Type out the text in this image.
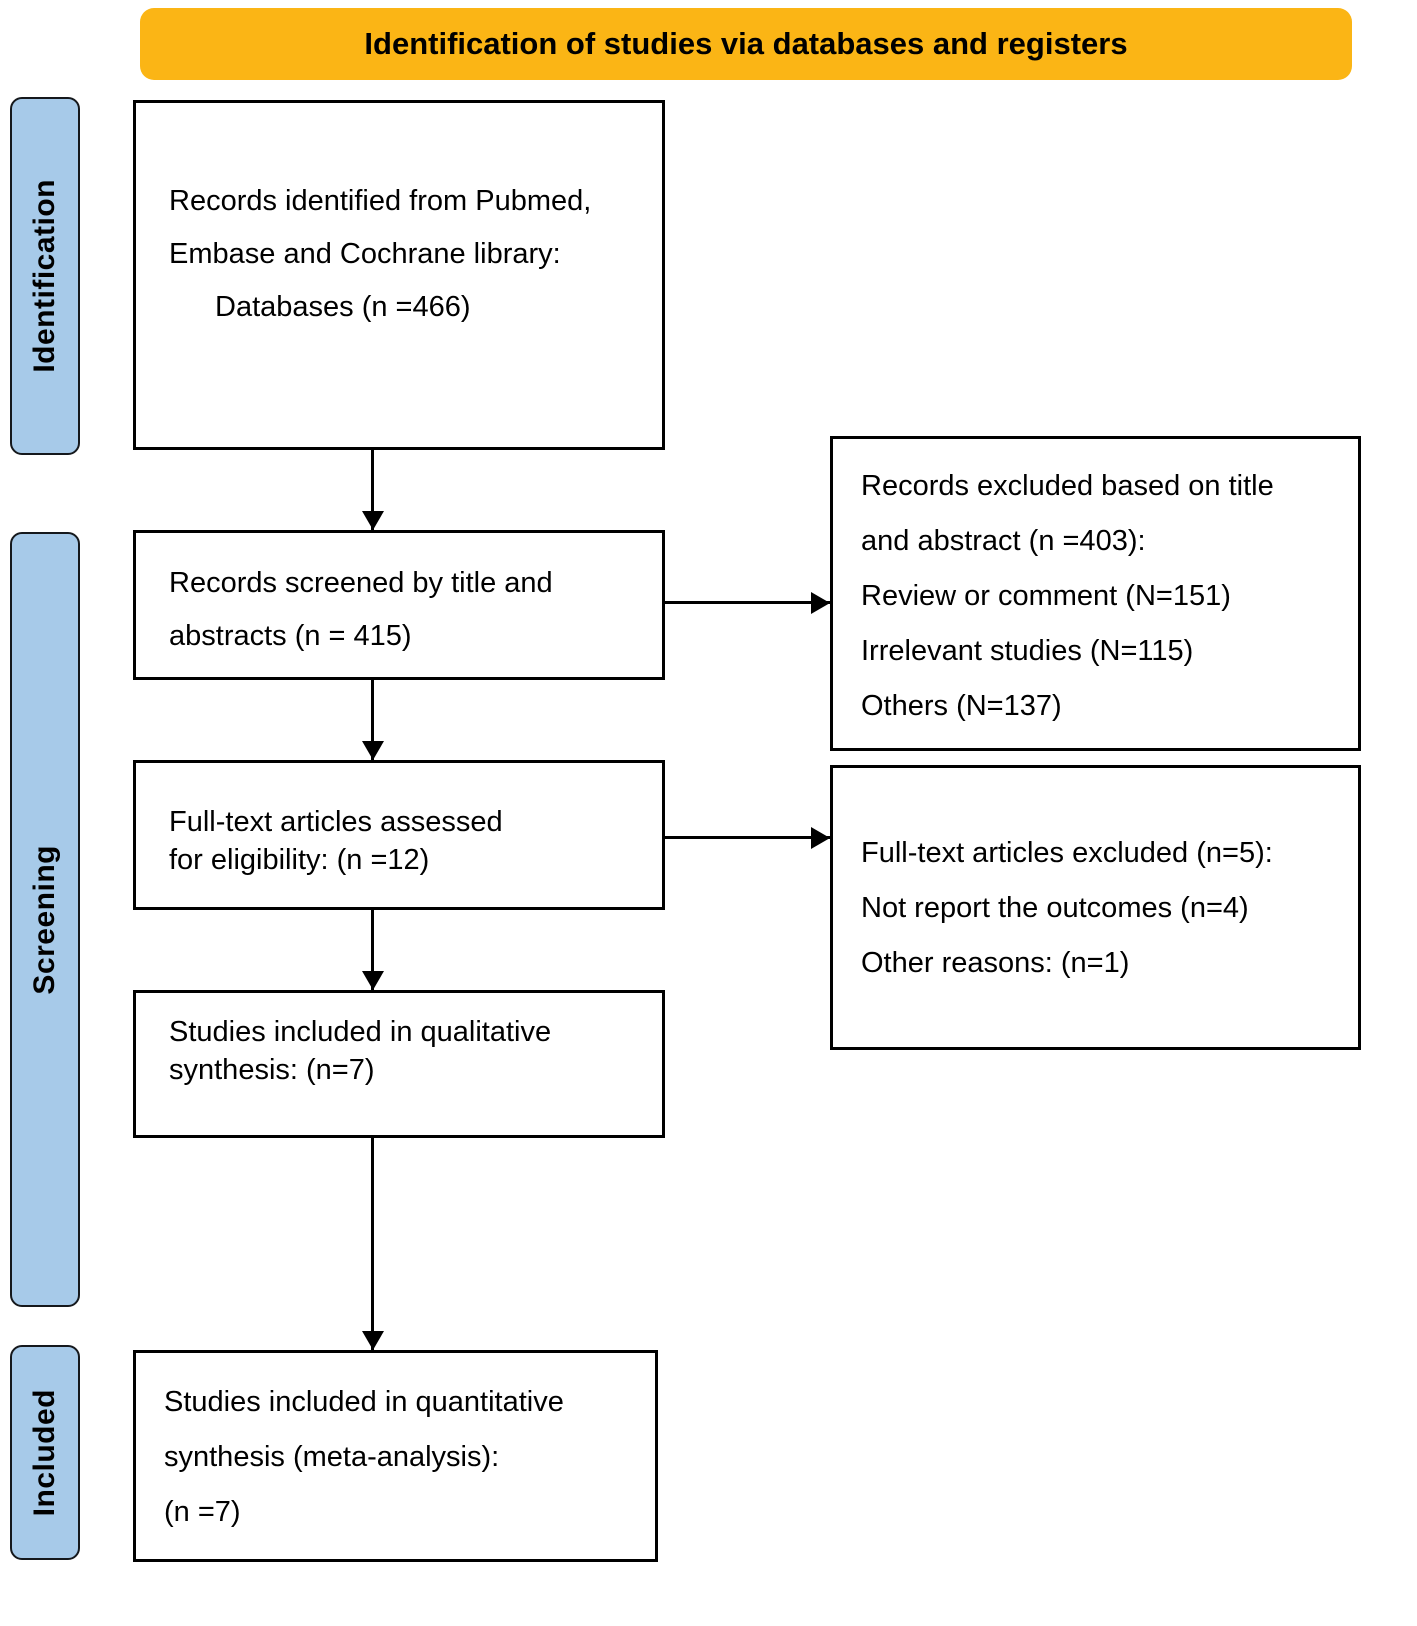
Identification of studies via databases and registers
Identification
Screening
Included
Records identified from Pubmed,
Embase and Cochrane library:
Databases (n =466)
Records screened by title and
abstracts (n = 415)
Full-text articles assessed
for eligibility: (n =12)
Studies included in qualitative
synthesis: (n=7)
Studies included in quantitative
synthesis (meta-analysis):
(n =7)
Records excluded based on title
and abstract (n =403):
Review or comment (N=151)
Irrelevant studies (N=115)
Others (N=137)
Full-text articles excluded (n=5):
Not report the outcomes (n=4)
Other reasons: (n=1)
